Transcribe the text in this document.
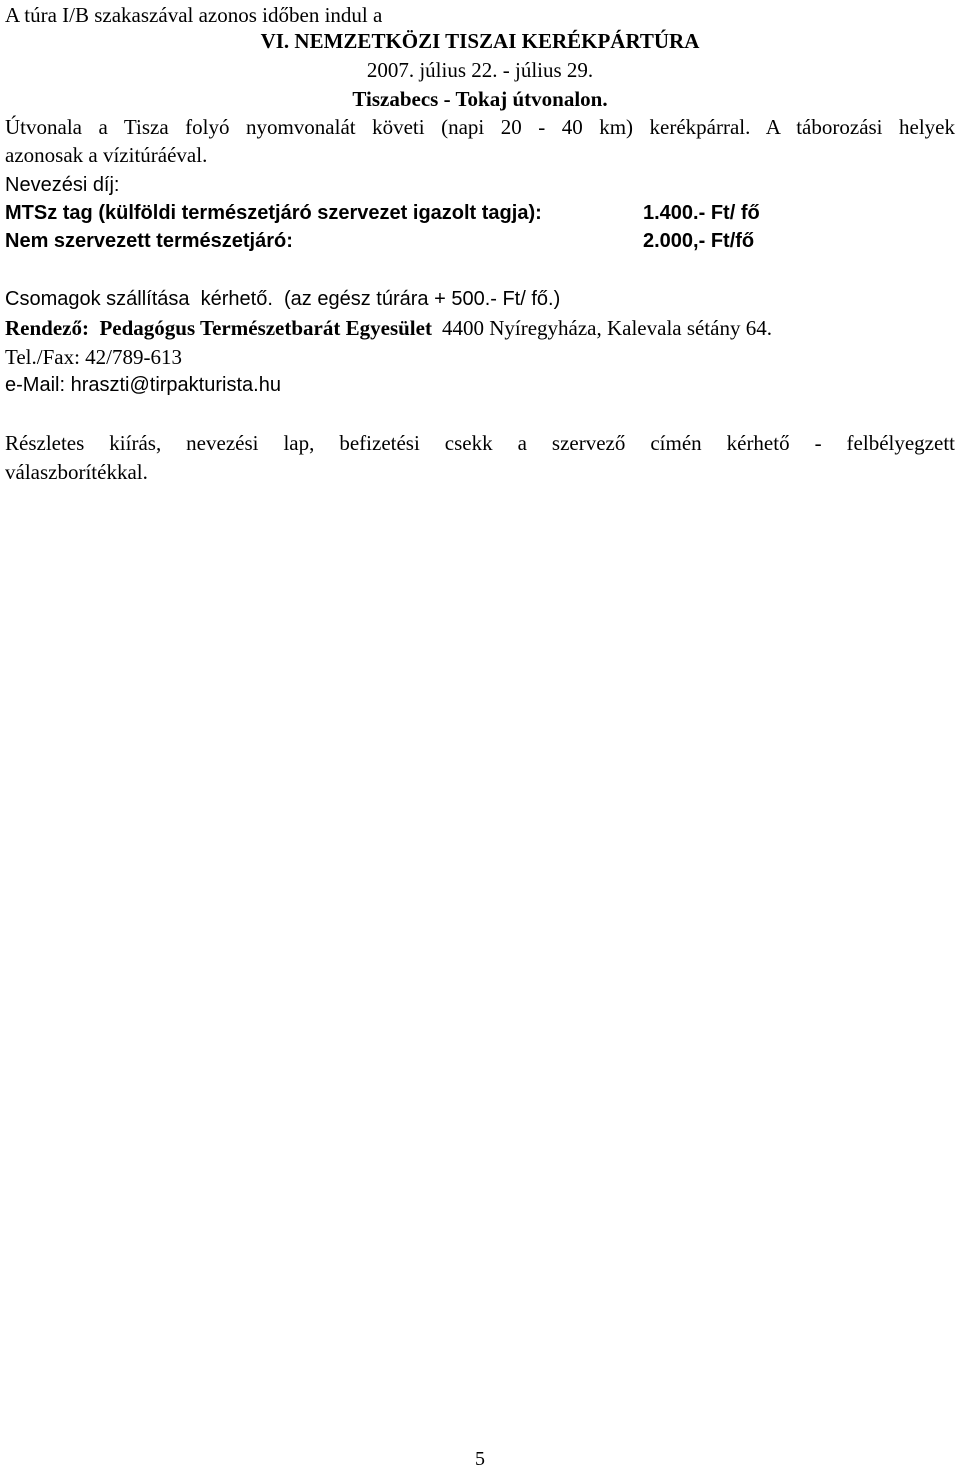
A túra I/B szakaszával azonos időben indul a
VI. NEMZETKÖZI TISZAI KERÉKPÁRTÚRA
2007. július 22. - július 29.
Tiszabecs - Tokaj útvonalon.
Útvonala a Tisza folyó nyomvonalát követi (napi 20 - 40 km) kerékpárral. A táborozási helyek
azonosak a vízitúráéval.
Nevezési díj:
MTSz tag (külföldi természetjáró szervezet igazolt tagja):	1.400.- Ft/ fő
Nem szervezett természetjáró:	2.000,- Ft/fő
Csomagok szállítása  kérhető.  (az egész túrára + 500.- Ft/ fő.)
Rendező:  Pedagógus Természetbarát Egyesület 4400 Nyíregyháza, Kalevala sétány 64.
Tel./Fax: 42/789-613
e-Mail: hraszti@tirpakturista.hu
Részletes kiírás, nevezési lap, befizetési csekk a szervező címén kérhető - felbélyegzett
válaszborítékkal.
5
